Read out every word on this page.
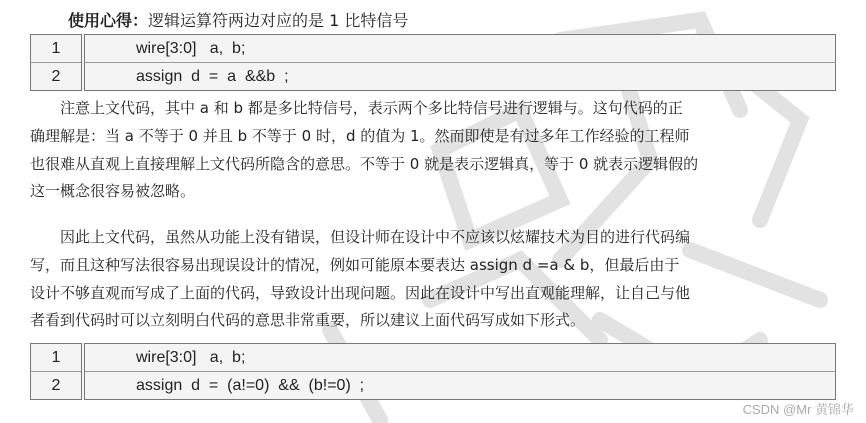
使用心得：逻辑运算符两边对应的是 1 比特信号
1	wire[3:0]   a,  b;
2	assign  d  =  a  &&b  ;

　　注意上文代码，其中 a 和 b 都是多比特信号，表示两个多比特信号进行逻辑与。这句代码的正
确理解是：当 a 不等于 0 并且 b 不等于 0 时，d 的值为 1。然而即使是有过多年工作经验的工程师
也很难从直观上直接理解上文代码所隐含的意思。不等于 0 就是表示逻辑真，等于 0 就表示逻辑假的
这一概念很容易被忽略。

　　因此上文代码，虽然从功能上没有错误，但设计师在设计中不应该以炫耀技术为目的进行代码编
写，而且这种写法很容易出现误设计的情况，例如可能原本要表达 assign d =a & b，但最后由于
设计不够直观而写成了上面的代码，导致设计出现问题。因此在设计中写出直观能理解，让自己与他
者看到代码时可以立刻明白代码的意思非常重要，所以建议上面代码写成如下形式。

1	wire[3:0]   a,  b;
2	assign  d  =  (a!=0)  &&  (b!=0)  ;
CSDN @Mr 黄锦华
